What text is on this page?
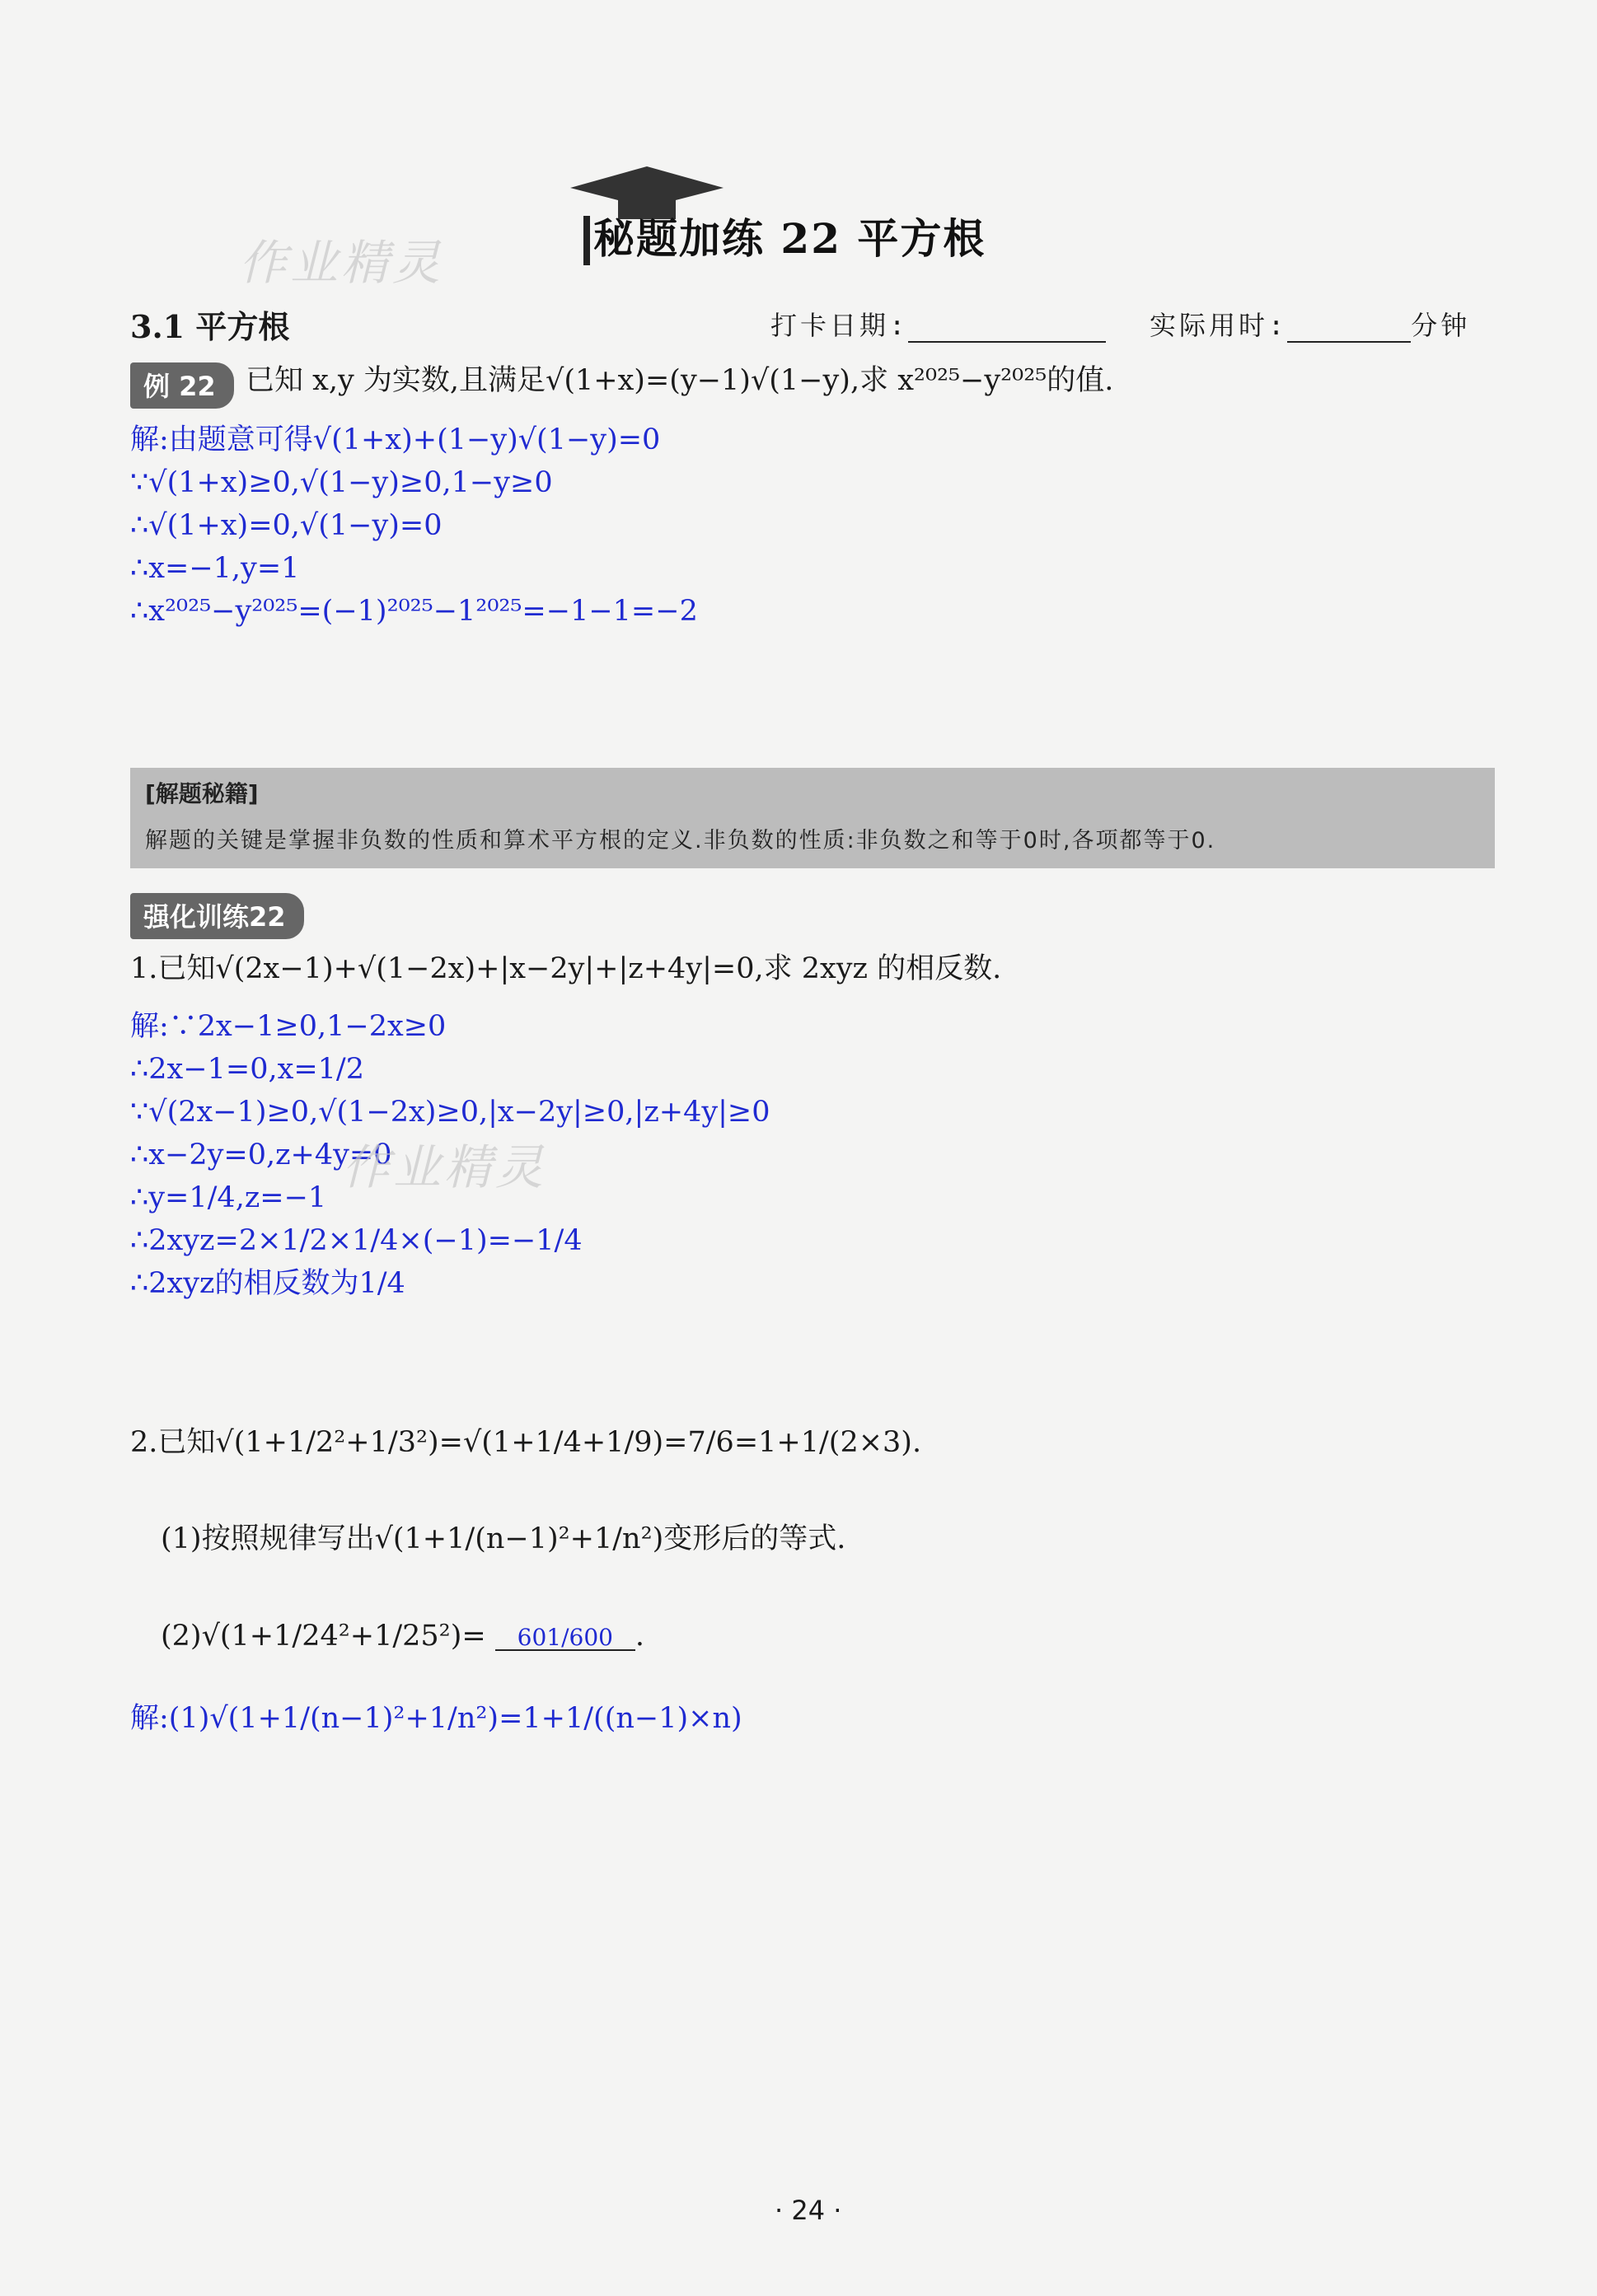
秘题加练 22 平方根
作业精灵
3.1 平方根	打卡日期:	实际用时:	分钟
例 22	已知 x,y 为实数,且满足√(1+x)=(y−1)√(1−y),求 x²⁰²⁵−y²⁰²⁵的值.
解:由题意可得√(1+x)+(1−y)√(1−y)=0
∵√(1+x)≥0,√(1−y)≥0,1−y≥0
∴√(1+x)=0,√(1−y)=0
∴x=−1,y=1
∴x²⁰²⁵−y²⁰²⁵=(−1)²⁰²⁵−1²⁰²⁵=−1−1=−2
[解题秘籍]
解题的关键是掌握非负数的性质和算术平方根的定义.非负数的性质:非负数之和等于0时,各项都等于0.
强化训练22
1.已知√(2x−1)+√(1−2x)+|x−2y|+|z+4y|=0,求 2xyz 的相反数.
解:∵2x−1≥0,1−2x≥0
∴2x−1=0,x=1/2
∵√(2x−1)≥0,√(1−2x)≥0,|x−2y|≥0,|z+4y|≥0
∴x−2y=0,z+4y=0
∴y=1/4,z=−1
∴2xyz=2×1/2×1/4×(−1)=−1/4
∴2xyz的相反数为1/4
作业精灵
2.已知√(1+1/2²+1/3²)=√(1+1/4+1/9)=7/6=1+1/(2×3).
(1)按照规律写出√(1+1/(n−1)²+1/n²)变形后的等式.
(2)√(1+1/24²+1/25²)= 601/600 .
解:(1)√(1+1/(n−1)²+1/n²)=1+1/((n−1)×n)
· 24 ·
